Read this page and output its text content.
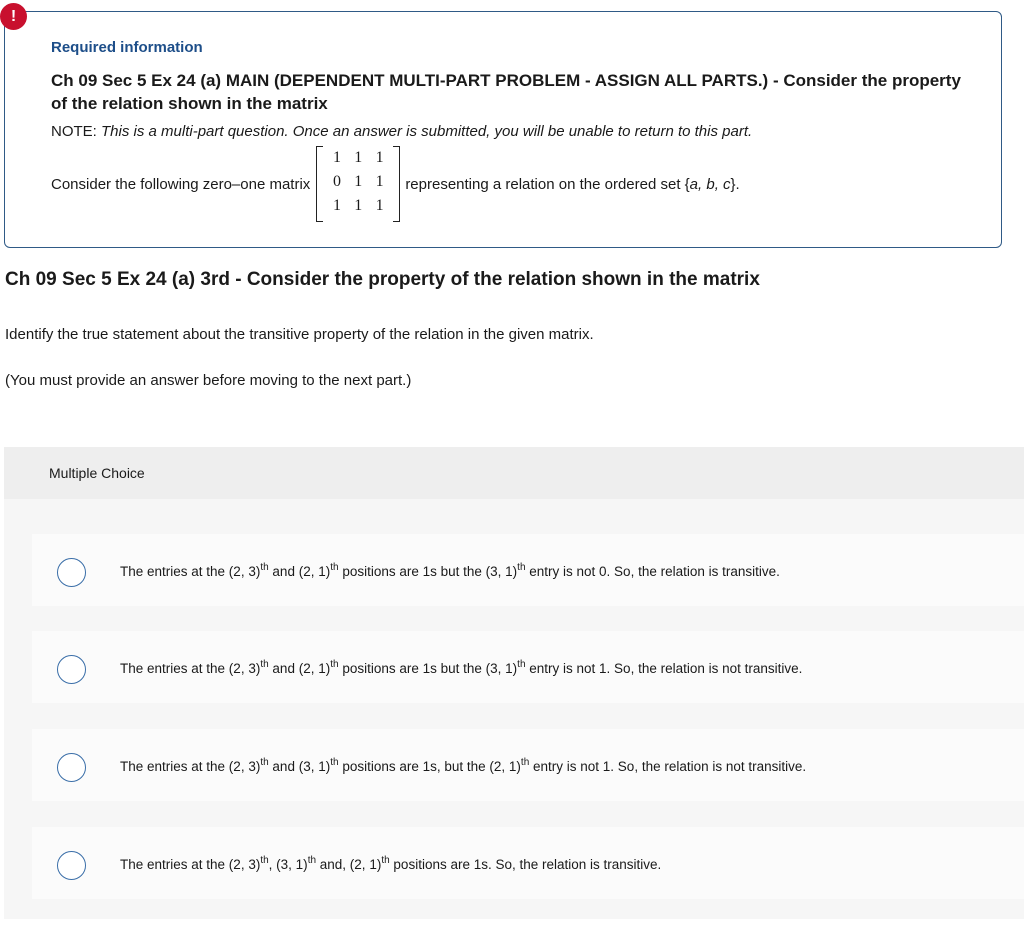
!
Required information
Ch 09 Sec 5 Ex 24 (a) MAIN (DEPENDENT MULTI-PART PROBLEM - ASSIGN ALL PARTS.) - Consider the property of the relation shown in the matrix
NOTE: This is a multi-part question. Once an answer is submitted, you will be unable to return to this part.
Consider the following zero–one matrix
1 1 1
0 1 1
1 1 1
representing a relation on the ordered set {a, b, c}.
Ch 09 Sec 5 Ex 24 (a) 3rd - Consider the property of the relation shown in the matrix
Identify the true statement about the transitive property of the relation in the given matrix.
(You must provide an answer before moving to the next part.)
Multiple Choice
The entries at the (2, 3)$^{th}$ and (2, 1)$^{th}$ positions are 1s but the (3, 1)$^{th}$ entry is not 0. So, the relation is transitive.
The entries at the (2, 3)$^{th}$ and (2, 1)$^{th}$ positions are 1s but the (3, 1)$^{th}$ entry is not 1. So, the relation is not transitive.
The entries at the (2, 3)$^{th}$ and (3, 1)$^{th}$ positions are 1s, but the (2, 1)$^{th}$ entry is not 1. So, the relation is not transitive.
The entries at the (2, 3)$^{th}$, (3, 1)$^{th}$ and, (2, 1)$^{th}$ positions are 1s. So, the relation is transitive.
